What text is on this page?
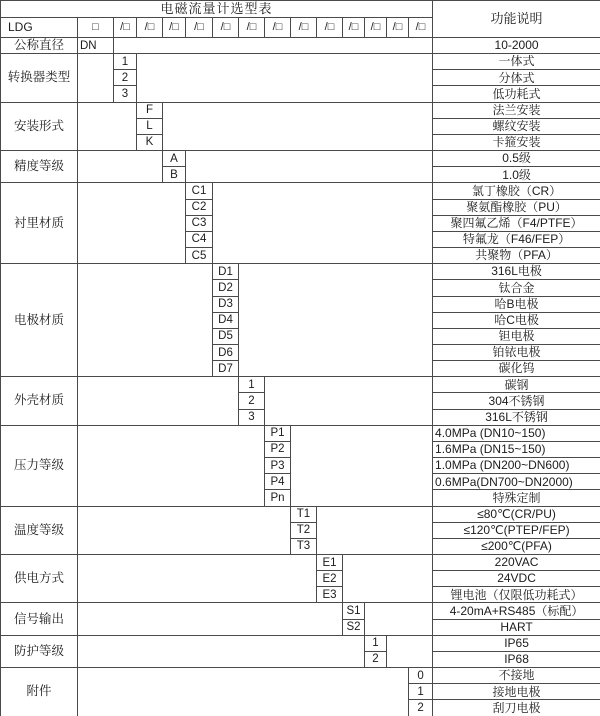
电磁流量计选型表															功能说明
LDG	□	/□	/□	/□	/□	/□	/□	/□	/□	/□	/□	/□	/□	/□	
公称直径	DN														10-2000
转换器类型		1													一体式
		2													分体式
		3													低功耗式
安装形式			F												法兰安装
			L												螺纹安装
			K												卡箍安装
精度等级				A											0.5级
				B											1.0级
衬里材质					C1										氯丁橡胶（CR）
					C2										聚氨酯橡胶（PU）
					C3										聚四氟乙烯（F4/PTFE）
					C4										特氟龙（F46/FEP）
					C5										共聚物（PFA）
电极材质						D1									316L电极
						D2									钛合金
						D3									哈B电极
						D4									哈C电极
						D5									钽电极
						D6									铂铱电极
						D7									碳化钨
外壳材质							1								碳钢
							2								304不锈钢
							3								316L不锈钢
压力等级								P1							4.0MPa (DN10~150)
								P2							1.6MPa (DN15~150)
								P3							1.0MPa (DN200~DN600)
								P4							0.6MPa(DN700~DN2000)
								Pn							特殊定制
温度等级									T1						≤80℃(CR/PU)
									T2						≤120℃(PTEP/FEP)
									T3						≤200℃(PFA)
供电方式										E1					220VAC
										E2					24VDC
										E3					锂电池（仅限低功耗式）
信号输出											S1				4-20mA+RS485（标配）
											S2				HART
防护等级												1			IP65
												2			IP68
附件														0	不接地
														1	接地电极
														2	刮刀电极
